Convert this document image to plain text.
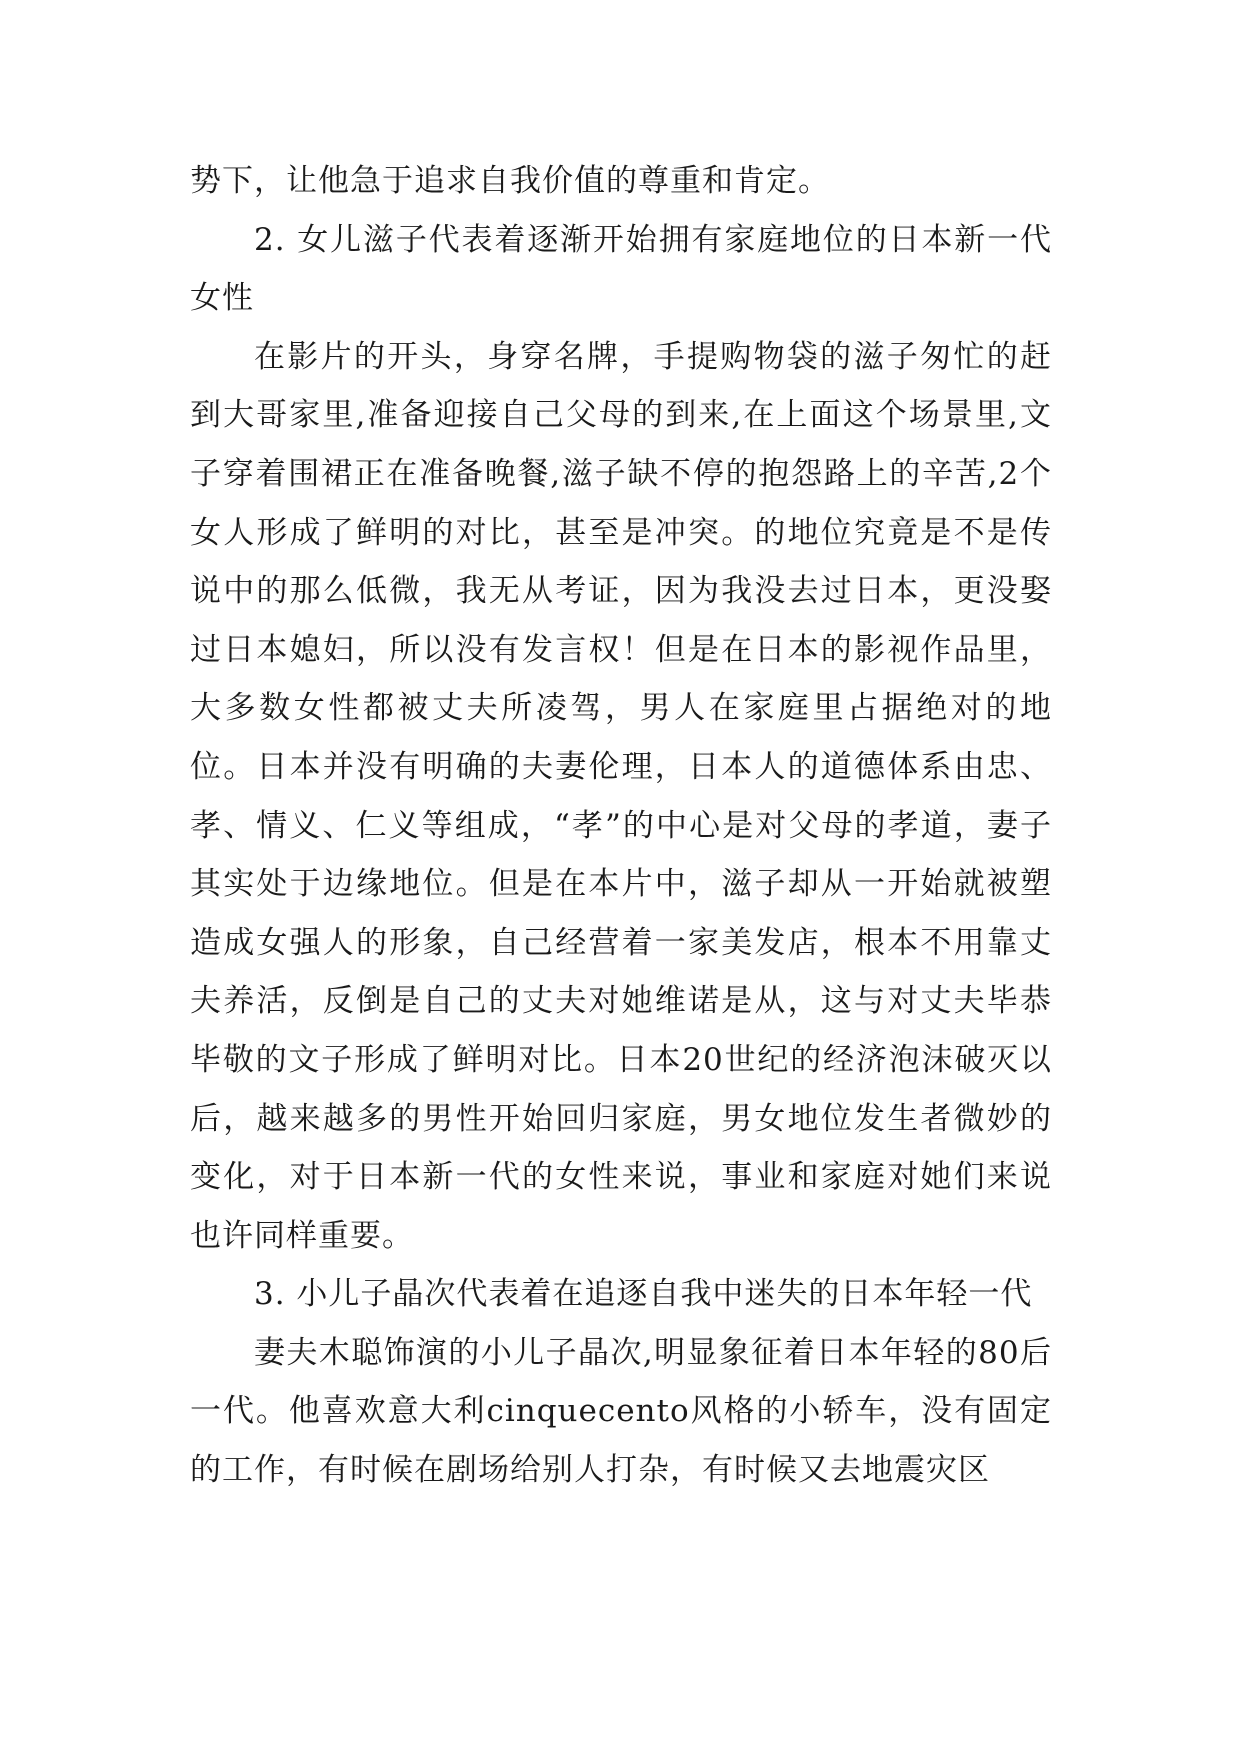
势下，让他急于追求自我价值的尊重和肯定。

2. 女儿滋子代表着逐渐开始拥有家庭地位的日本新一代女性

在影片的开头，身穿名牌，手提购物袋的滋子匆忙的赶到大哥家里,准备迎接自己父母的到来,在上面这个场景里,文子穿着围裙正在准备晚餐,滋子缺不停的抱怨路上的辛苦,2个女人形成了鲜明的对比，甚至是冲突。的地位究竟是不是传说中的那么低微，我无从考证，因为我没去过日本，更没娶过日本媳妇，所以没有发言权！但是在日本的影视作品里，大多数女性都被丈夫所凌驾，男人在家庭里占据绝对的地位。日本并没有明确的夫妻伦理，日本人的道德体系由忠、孝、情义、仁义等组成，“孝”的中心是对父母的孝道，妻子其实处于边缘地位。但是在本片中，滋子却从一开始就被塑造成女强人的形象，自己经营着一家美发店，根本不用靠丈夫养活，反倒是自己的丈夫对她维诺是从，这与对丈夫毕恭毕敬的文子形成了鲜明对比。日本20世纪的经济泡沫破灭以后，越来越多的男性开始回归家庭，男女地位发生者微妙的变化，对于日本新一代的女性来说，事业和家庭对她们来说也许同样重要。

3. 小儿子晶次代表着在追逐自我中迷失的日本年轻一代

妻夫木聪饰演的小儿子晶次,明显象征着日本年轻的80后一代。他喜欢意大利cinquecento风格的小轿车，没有固定的工作，有时候在剧场给别人打杂，有时候又去地震灾区
